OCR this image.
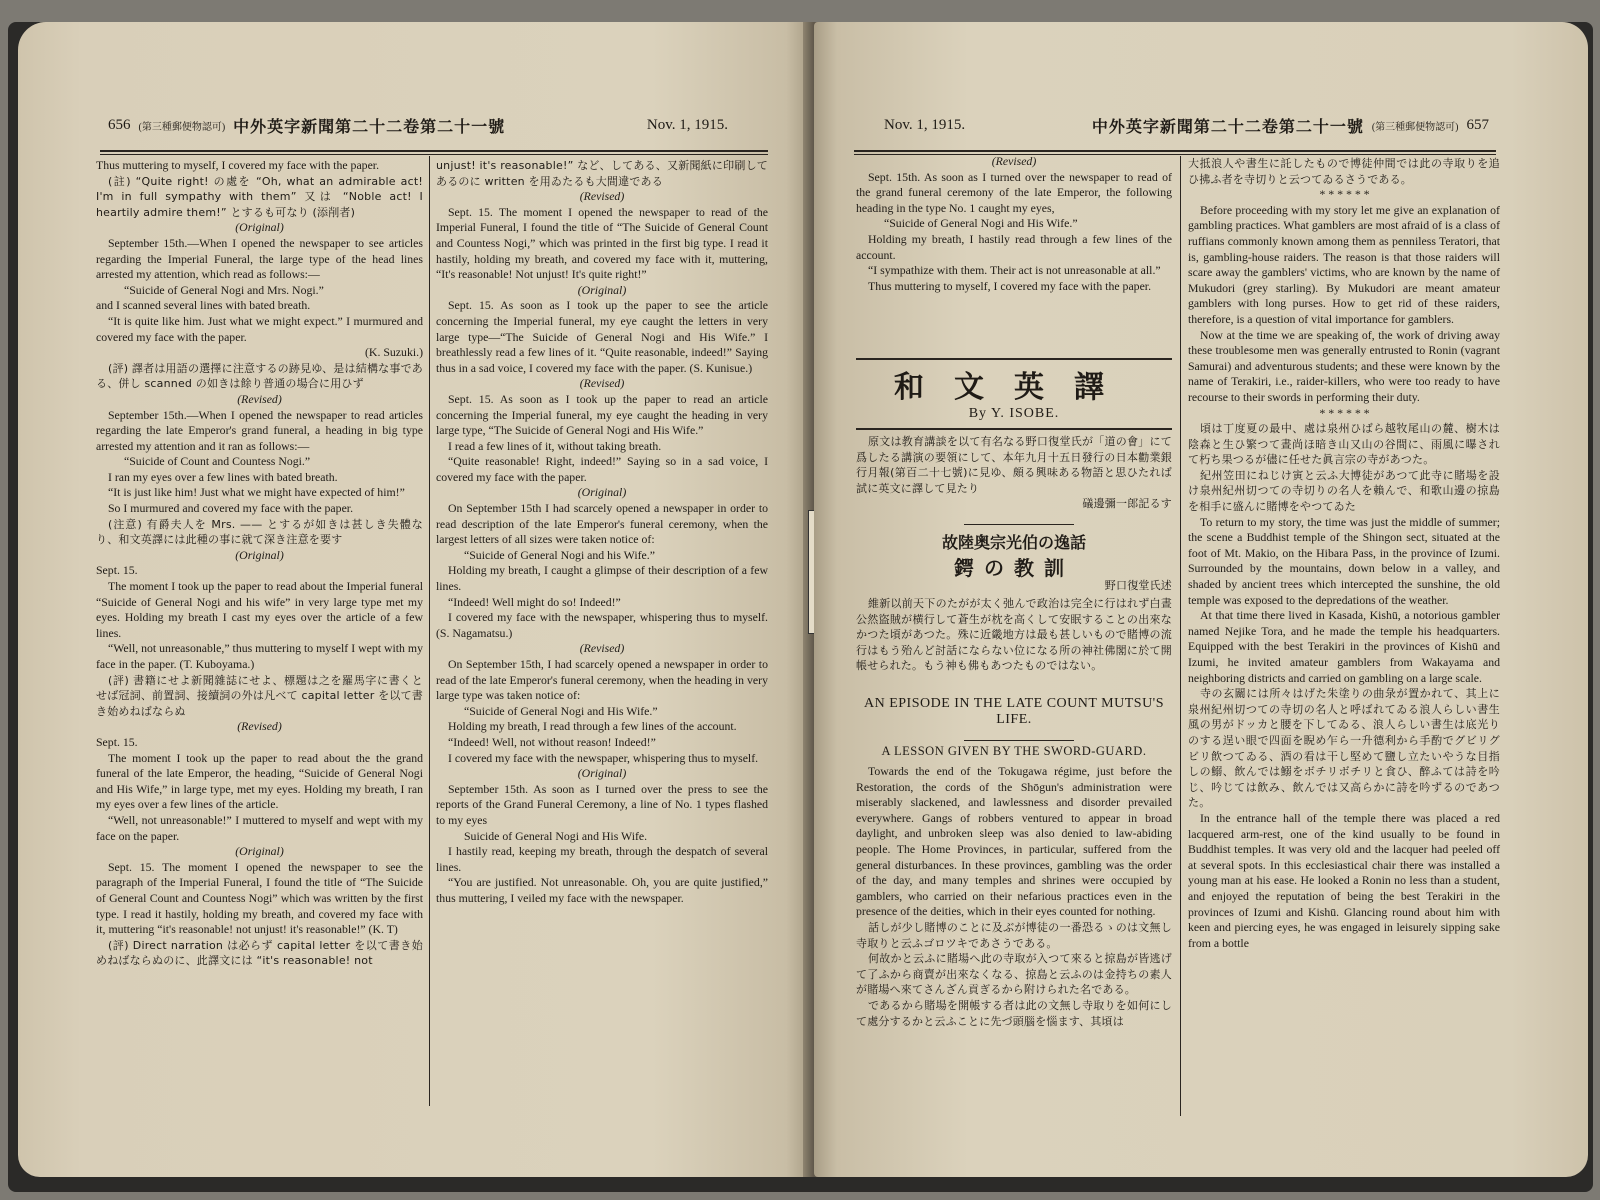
656 (第三種郵便物認可) 中外英字新聞第二十二卷第二十一號	Nov. 1, 1915.

Thus muttering to myself, I covered my face with the paper.

(註) “Quite right! の處を “Oh, what an admirable act! I'm in full sympathy with them” 又は “Noble act! I heartily admire them!” とするも可なり (添削者)

(Original)

September 15th.—When I opened the newspaper to see articles regarding the Imperial Funeral, the large type of the head lines arrested my attention, which read as follows:—

“Suicide of General Nogi and Mrs. Nogi.”

and I scanned several lines with bated breath.

“It is quite like him. Just what we might expect.” I murmured and covered my face with the paper.

(K. Suzuki.)

(評) 譯者は用語の選擇に注意するの跡見ゆ、是は結構な事である、併し scanned の如きは餘り普通の場合に用ひず

(Revised)

September 15th.—When I opened the newspaper to read articles regarding the late Emperor's grand funeral, a heading in big type arrested my attention and it ran as follows:—

“Suicide of Count and Countess Nogi.”

I ran my eyes over a few lines with bated breath.

“It is just like him! Just what we might have expected of him!”

So I murmured and covered my face with the paper.

(注意) 有爵夫人を Mrs. —— とするが如きは甚しき失體なり、和文英譯には此種の事に就て深き注意を要す

(Original)

Sept. 15.

The moment I took up the paper to read about the Imperial funeral “Suicide of General Nogi and his wife” in very large type met my eyes. Holding my breath I cast my eyes over the article of a few lines.

“Well, not unreasonable,” thus muttering to myself I wept with my face in the paper. (T. Kuboyama.)

(評) 書籍にせよ新聞雜誌にせよ、標題は之を羅馬字に書くとせば冠詞、前置詞、接續詞の外は凡べて capital letter を以て書き始めねばならぬ

(Revised)

Sept. 15.

The moment I took up the paper to read about the the grand funeral of the late Emperor, the heading, “Suicide of General Nogi and His Wife,” in large type, met my eyes. Holding my breath, I ran my eyes over a few lines of the article.

“Well, not unreasonable!” I muttered to myself and wept with my face on the paper.

(Original)

Sept. 15. The moment I opened the newspaper to see the paragraph of the Imperial Funeral, I found the title of “The Suicide of General Count and Countess Nogi” which was written by the first type. I read it hastily, holding my breath, and covered my face with it, muttering “it's reasonable! not unjust! it's reasonable!” (K. T)

(評) Direct narration は必らず capital letter を以て書き始めねばならぬのに、此譯文には “it's reasonable! not

unjust! it's reasonable!” など、してある、又新聞紙に印刷してあるのに written を用ゐたるも大間違である

(Revised)

Sept. 15. The moment I opened the newspaper to read of the Imperial Funeral, I found the title of “The Suicide of General Count and Countess Nogi,” which was printed in the first big type. I read it hastily, holding my breath, and covered my face with it, muttering, “It's reasonable! Not unjust! It's quite right!”

(Original)

Sept. 15. As soon as I took up the paper to see the article concerning the Imperial funeral, my eye caught the letters in very large type—“The Suicide of General Nogi and His Wife.” I breathlessly read a few lines of it. “Quite reasonable, indeed!” Saying thus in a sad voice, I covered my face with the paper. (S. Kunisue.)

(Revised)

Sept. 15. As soon as I took up the paper to read an article concerning the Imperial funeral, my eye caught the heading in very large type, “The Suicide of General Nogi and His Wife.”

I read a few lines of it, without taking breath.

“Quite reasonable! Right, indeed!” Saying so in a sad voice, I covered my face with the paper.

(Original)

On September 15th I had scarcely opened a newspaper in order to read description of the late Emperor's funeral ceremony, when the largest letters of all sizes were taken notice of:

“Suicide of General Nogi and his Wife.”

Holding my breath, I caught a glimpse of their description of a few lines.

“Indeed! Well might do so! Indeed!”

I covered my face with the newspaper, whispering thus to myself. (S. Nagamatsu.)

(Revised)

On September 15th, I had scarcely opened a newspaper in order to read of the late Emperor's funeral ceremony, when the heading in very large type was taken notice of:

“Suicide of General Nogi and His Wife.”

Holding my breath, I read through a few lines of the account.

“Indeed! Well, not without reason! Indeed!”

I covered my face with the newspaper, whispering thus to myself.

(Original)

September 15th. As soon as I turned over the press to see the reports of the Grand Funeral Ceremony, a line of No. 1 types flashed to my eyes

Suicide of General Nogi and His Wife.

I hastily read, keeping my breath, through the despatch of several lines.

“You are justified. Not unreasonable. Oh, you are quite justified,” thus muttering, I veiled my face with the newspaper.

Nov. 1, 1915.	中外英字新聞第二十二卷第二十一號 (第三種郵便物認可) 657

(Revised)

Sept. 15th. As soon as I turned over the newspaper to read of the grand funeral ceremony of the late Emperor, the following heading in the type No. 1 caught my eyes,

“Suicide of General Nogi and His Wife.”

Holding my breath, I hastily read through a few lines of the account.

“I sympathize with them. Their act is not unreasonable at all.”

Thus muttering to myself, I covered my face with the paper.

和文英譯
By Y. ISOBE.

原文は教育講談を以て有名なる野口復堂氏が「道の會」にて爲したる講演の要領にして、本年九月十五日發行の日本勸業銀行月報(第百二十七號)に見ゆ、頗る興味ある物語と思ひたれば試に英文に譯して見たり

礒邊彌一郎記るす

故陸奥宗光伯の逸話
鍔の教訓

野口復堂氏述

維新以前天下のたがが太く弛んで政治は完全に行はれず白晝公然盜賊が横行して蒼生が枕を高くして安眠することの出來なかつた頃があつた。殊に近畿地方は最も甚しいもので賭博の流行はもう殆んど討話にならない位になる所の神社佛閣に於て開帳せられた。もう神も佛もあつたものではない。

AN EPISODE IN THE LATE COUNT MUTSU'S LIFE.
A LESSON GIVEN BY THE SWORD-GUARD.

Towards the end of the Tokugawa régime, just before the Restoration, the cords of the Shōgun's administration were miserably slackened, and lawlessness and disorder prevailed everywhere. Gangs of robbers ventured to appear in broad daylight, and unbroken sleep was also denied to law-abiding people. The Home Provinces, in particular, suffered from the general disturbances. In these provinces, gambling was the order of the day, and many temples and shrines were occupied by gamblers, who carried on their nefarious practices even in the presence of the deities, which in their eyes counted for nothing.

話しが少し賭博のことに及ぶが博徒の一番恐るゝのは文無し寺取りと云ふゴロツキであさうである。

何故かと云ふに賭場へ此の寺取が入つて來ると掠島が皆逃げて了ふから商賣が出來なくなる、掠島と云ふのは金持ちの素人が賭場へ來てさんざん貢ぎるから附けられた名である。

であるから賭場を開帳する者は此の文無し寺取りを如何にして處分するかと云ふことに先づ頭腦を惱ます、其頃は

大抵浪人や書生に託したもので博徒仲間では此の寺取りを追ひ拂ふ者を寺切りと云つてゐるさうである。

* * * * * *

Before proceeding with my story let me give an explanation of gambling practices. What gamblers are most afraid of is a class of ruffians commonly known among them as penniless Teratori, that is, gambling-house raiders. The reason is that those raiders will scare away the gamblers' victims, who are known by the name of Mukudori (grey starling). By Mukudori are meant amateur gamblers with long purses. How to get rid of these raiders, therefore, is a question of vital importance for gamblers.

Now at the time we are speaking of, the work of driving away these troublesome men was generally entrusted to Ronin (vagrant Samurai) and adventurous students; and these were known by the name of Terakiri, i.e., raider-killers, who were too ready to have recourse to their swords in performing their duty.

* * * * * *

頃は丁度夏の最中、處は泉州ひばら越牧尾山の麓、樹木は陰森と生ひ繁つて晝尚ほ暗き山又山の谷間に、雨風に曝されて朽ち果つるが儘に任せた眞言宗の寺があつた。

紀州笠田にねじけ寅と云ふ大博徒があつて此寺に賭場を設け泉州紀州切つての寺切りの名人を賴んで、和歌山邊の掠島を相手に盛んに賭博をやつてゐた

To return to my story, the time was just the middle of summer; the scene a Buddhist temple of the Shingon sect, situated at the foot of Mt. Makio, on the Hibara Pass, in the province of Izumi. Surrounded by the mountains, down below in a valley, and shaded by ancient trees which intercepted the sunshine, the old temple was exposed to the depredations of the weather.

At that time there lived in Kasada, Kishū, a notorious gambler named Nejike Tora, and he made the temple his headquarters. Equipped with the best Terakiri in the provinces of Kishū and Izumi, he invited amateur gamblers from Wakayama and neighboring districts and carried on gambling on a large scale.

寺の玄關には所々はげた朱塗りの曲彔が置かれて、其上に泉州紀州切つての寺切の名人と呼ばれてゐる浪人らしい書生風の男がドッカと腰を下してゐる、浪人らしい書生は底光りのする逞い眼で四面を睨め乍ら一升德利から手酌でグビリグビリ飲つてゐる、酒の看は干し堅めて鹽し立たいやうな目指しの鰯、飲んでは鰯をボチリボチリと食ひ、醉ふては詩を吟じ、吟じては飲み、飲んでは又高らかに詩を吟ずるのであつた。

In the entrance hall of the temple there was placed a red lacquered arm-rest, one of the kind usually to be found in Buddhist temples. It was very old and the lacquer had peeled off at several spots. In this ecclesiastical chair there was installed a young man at his ease. He looked a Ronin no less than a student, and enjoyed the reputation of being the best Terakiri in the provinces of Izumi and Kishū. Glancing round about him with keen and piercing eyes, he was engaged in leisurely sipping sake from a bottle
